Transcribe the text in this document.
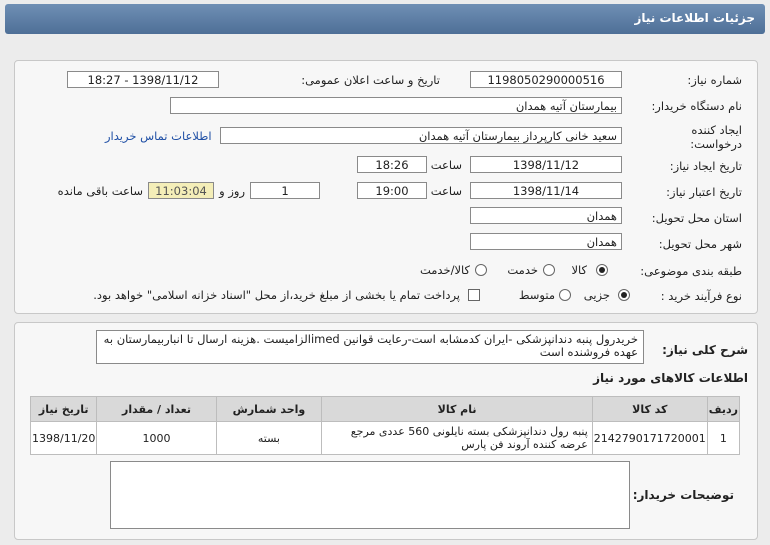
جزئیات اطلاعات نیاز
شماره نیاز:
1198050290000516
تاریخ و ساعت اعلان عمومی:
1398/11/12 - 18:27
نام دستگاه خریدار:
بیمارستان آتیه همدان
ایجاد کننده درخواست:
سعید خانی کارپرداز بیمارستان آتیه همدان
اطلاعات تماس خریدار
تاریخ ایجاد نیاز:
1398/11/12
ساعت
18:26
تاریخ اعتبار نیاز:
1398/11/14
ساعت
19:00
1
روز و
11:03:04
ساعت باقی مانده
استان محل تحویل:
همدان
شهر محل تحویل:
همدان
طبقه بندی موضوعی:
کالا
خدمت
کالا/خدمت
نوع فرآیند خرید :
جزیی
متوسط
پرداخت تمام یا بخشی از مبلغ خرید،از محل "اسناد خزانه اسلامی" خواهد بود.
شرح کلی نیاز:
خریدرول پنبه دندانپزشکی -ایران کدمشابه است-رعایت قوانین imedالزامیست .هزینه ارسال تا انباربیمارستان به عهده فروشنده است
اطلاعات کالاهای مورد نیاز
ردیف	کد کالا	نام کالا	واحد شمارش	تعداد / مقدار	تاریخ نیاز
1	2142790171720001	پنبه رول دندانپزشکی بسته نایلونی 560 عددی مرجع عرضه کننده آروند فن پارس	بسته	1000	1398/11/20
توضیحات خریدار:
